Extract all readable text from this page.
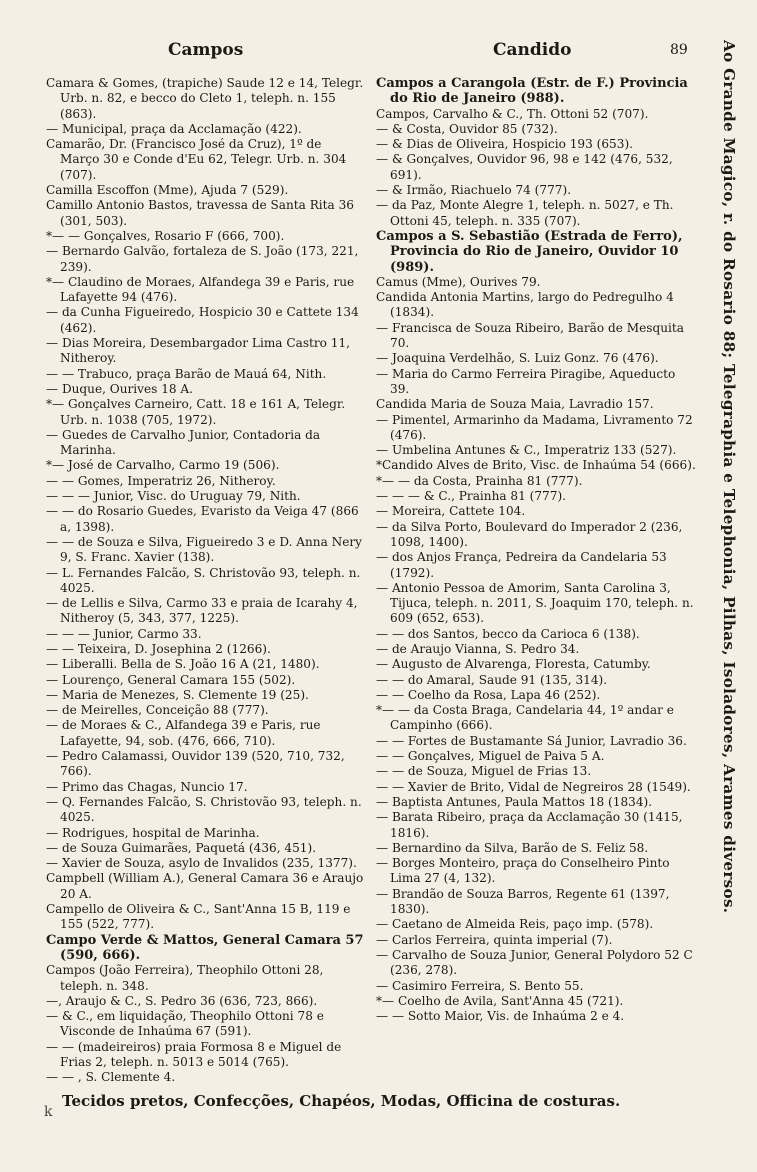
Campos	Candido	89

Camara & Gomes, (trapiche) Saude 12 e 14, Telegr. Urb. n. 82, e becco do Cleto 1, teleph. n. 155 (863).

— Municipal, praça da Acclamação (422).

Camarão, Dr. (Francisco José da Cruz), 1º de Março 30 e Conde d'Eu 62, Telegr. Urb. n. 304 (707).

Camilla Escoffon (Mme), Ajuda 7 (529).

Camillo Antonio Bastos, travessa de Santa Rita 36 (301, 503).

*— — Gonçalves, Rosario F (666, 700).

— Bernardo Galvão, fortaleza de S. João (173, 221, 239).

*— Claudino de Moraes, Alfandega 39 e Paris, rue Lafayette 94 (476).

— da Cunha Figueiredo, Hospicio 30 e Cattete 134 (462).

— Dias Moreira, Desembargador Lima Castro 11, Nitheroy.

— — Trabuco, praça Barão de Mauá 64, Nith.

— Duque, Ourives 18 A.

*— Gonçalves Carneiro, Catt. 18 e 161 A, Telegr. Urb. n. 1038 (705, 1972).

— Guedes de Carvalho Junior, Contadoria da Marinha.

*— José de Carvalho, Carmo 19 (506).

— — Gomes, Imperatriz 26, Nitheroy.

— — — Junior, Visc. do Uruguay 79, Nith.

— — do Rosario Guedes, Evaristo da Veiga 47 (866 a, 1398).

— — de Souza e Silva, Figueiredo 3 e D. Anna Nery 9, S. Franc. Xavier (138).

— L. Fernandes Falcão, S. Christovão 93, teleph. n. 4025.

— de Lellis e Silva, Carmo 33 e praia de Icarahy 4, Nitheroy (5, 343, 377, 1225).

— — — Junior, Carmo 33.

— — Teixeira, D. Josephina 2 (1266).

— Liberalli. Bella de S. João 16 A (21, 1480).

— Lourenço, General Camara 155 (502).

— Maria de Menezes, S. Clemente 19 (25).

— de Meirelles, Conceição 88 (777).

— de Moraes & C., Alfandega 39 e Paris, rue Lafayette, 94, sob. (476, 666, 710).

— Pedro Calamassi, Ouvidor 139 (520, 710, 732, 766).

— Primo das Chagas, Nuncio 17.

— Q. Fernandes Falcão, S. Christovão 93, teleph. n. 4025.

— Rodrigues, hospital de Marinha.

— de Souza Guimarães, Paquetá (436, 451).

— Xavier de Souza, asylo de Invalidos (235, 1377).

Campbell (William A.), General Camara 36 e Araujo 20 A.

Campello de Oliveira & C., Sant'Anna 15 B, 119 e 155 (522, 777).

Campo Verde & Mattos, General Camara 57 (590, 666).

Campos (João Ferreira), Theophilo Ottoni 28, teleph. n. 348.

—, Araujo & C., S. Pedro 36 (636, 723, 866).

— & C., em liquidação, Theophilo Ottoni 78 e Visconde de Inhaúma 67 (591).

— — (madeireiros) praia Formosa 8 e Miguel de Frias 2, teleph. n. 5013 e 5014 (765).

— — , S. Clemente 4.

Campos a Carangola (Estr. de F.) Provincia do Rio de Janeiro (988).

Campos, Carvalho & C., Th. Ottoni 52 (707).

— & Costa, Ouvidor 85 (732).

— & Dias de Oliveira, Hospicio 193 (653).

— & Gonçalves, Ouvidor 96, 98 e 142 (476, 532, 691).

— & Irmão, Riachuelo 74 (777).

— da Paz, Monte Alegre 1, teleph. n. 5027, e Th. Ottoni 45, teleph. n. 335 (707).

Campos a S. Sebastião (Estrada de Ferro), Provincia do Rio de Janeiro, Ouvidor 10 (989).

Camus (Mme), Ourives 79.

Candida Antonia Martins, largo do Pedregulho 4 (1834).

— Francisca de Souza Ribeiro, Barão de Mesquita 70.

— Joaquina Verdelhão, S. Luiz Gonz. 76 (476).

— Maria do Carmo Ferreira Piragibe, Aqueducto 39.

Candida Maria de Souza Maia, Lavradio 157.

— Pimentel, Armarinho da Madama, Livramento 72 (476).

— Umbelina Antunes & C., Imperatriz 133 (527).

*Candido Alves de Brito, Visc. de Inhaúma 54 (666).

*— — da Costa, Prainha 81 (777).

— — — & C., Prainha 81 (777).

— Moreira, Cattete 104.

— da Silva Porto, Boulevard do Imperador 2 (236, 1098, 1400).

— dos Anjos França, Pedreira da Candelaria 53 (1792).

— Antonio Pessoa de Amorim, Santa Carolina 3, Tijuca, teleph. n. 2011, S. Joaquim 170, teleph. n. 609 (652, 653).

— — dos Santos, becco da Carioca 6 (138).

— de Araujo Vianna, S. Pedro 34.

— Augusto de Alvarenga, Floresta, Catumby.

— — do Amaral, Saude 91 (135, 314).

— — Coelho da Rosa, Lapa 46 (252).

*— — da Costa Braga, Candelaria 44, 1º andar e Campinho (666).

— — Fortes de Bustamante Sá Junior, Lavradio 36.

— — Gonçalves, Miguel de Paiva 5 A.

— — de Souza, Miguel de Frias 13.

— — Xavier de Brito, Vidal de Negreiros 28 (1549).

— Baptista Antunes, Paula Mattos 18 (1834).

— Barata Ribeiro, praça da Acclamação 30 (1415, 1816).

— Bernardino da Silva, Barão de S. Feliz 58.

— Borges Monteiro, praça do Conselheiro Pinto Lima 27 (4, 132).

— Brandão de Souza Barros, Regente 61 (1397, 1830).

— Caetano de Almeida Reis, paço imp. (578).

— Carlos Ferreira, quinta imperial (7).

— Carvalho de Souza Junior, General Polydoro 52 C (236, 278).

— Casimiro Ferreira, S. Bento 55.

*— Coelho de Avila, Sant'Anna 45 (721).

— — Sotto Maior, Vis. de Inhaúma 2 e 4.

Ao Grande Magico, r. do Rosario 88; Telegraphia e Telephonia, Pilhas, Isoladores, Arames diversos.
Tecidos pretos, Confecções, Chapéos, Modas, Officina de costuras.
k
